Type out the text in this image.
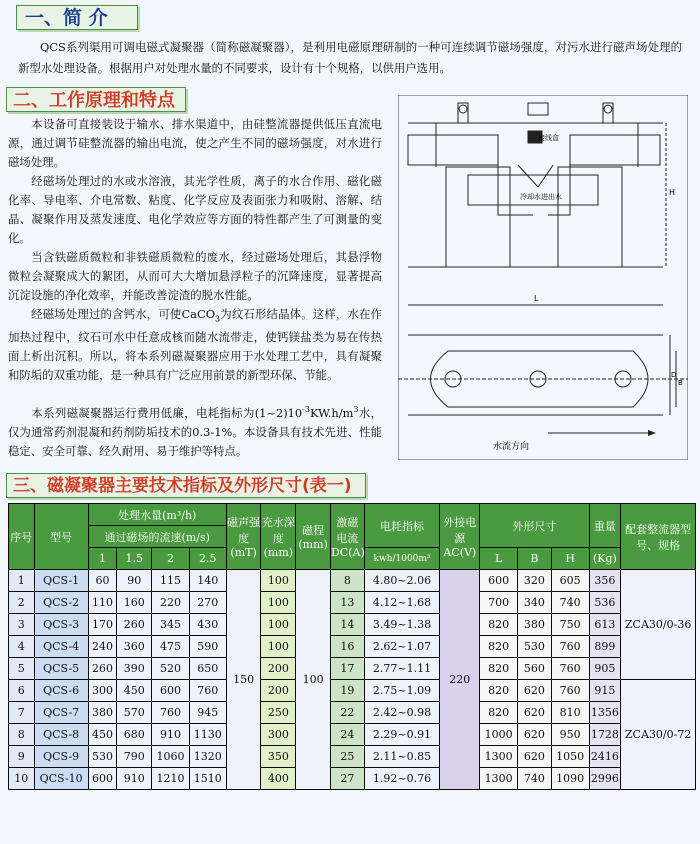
一、简 介
QCS系列渠用可调电磁式凝聚器（简称磁凝聚器），是利用电磁原理研制的一种可连续调节磁场强度，对污水进行磁声场处理的新型水处理设备。根据用户对处理水量的不同要求，设计有十个规格，以供用户选用。
二、工作原理和特点
本设备可直接装设于输水、排水渠道中，由硅整流器提供低压直流电源，通过调节硅整流器的输出电流，使之产生不同的磁场强度，对水进行磁场处理。
经磁场处理过的水或水溶液，其光学性质，离子的水合作用、磁化磁化率、导电率、介电常数、粘度、化学反应及表面张力和吸附、溶解、结晶、凝聚作用及蒸发速度、电化学效应等方面的特性都产生了可测量的变化。
当含铁磁质微粒和非铁磁质微粒的废水，经过磁场处理后，其悬浮物微粒会凝聚成大的絮团，从而可大大增加悬浮粒子的沉降速度，显著提高沉淀设施的净化效率，并能改善淀渣的脱水性能。
经磁场处理过的含钙水，可使CaCO$_3$为纹石形结晶体。这样，水在作加热过程中，纹石可水中任意成核而随水流带走，使钙镁盐类为易在传热面上析出沉积。所以，将本系列磁凝聚器应用于水处理工艺中，具有凝聚和防垢的双重功能，是一种具有广泛应用前景的新型环保、节能。
本系列磁凝聚器运行费用低廉，电耗指标为$(1\sim 2)10^{-3}KW.h/m^3$水，仅为通常药剂混凝和药剂防垢技术的0.3-1%。本设备具有技术先进、性能稳定、安全可靠、经久耐用、易于维护等特点。
接线盒
冷却水进出水	H
L
D
B
水流方向
三、磁凝聚器主要技术指标及外形尺寸(表一)
序号	型号	处理水量(m³/h)				磁声强度(mT)	充水深度(mm)	磁程(mm)	激磁电流DC(A)	电耗指标	外接电源AC(V)	外形尺寸			重量	配套整流器型号、规格
		通过磁场的流速(m/s)														
		1	1.5	2	2.5					kwh/1000m³		L	B	H	(Kg)	
1	QCS-1	60	90	115	140	150	100	100	8	4.80~2.06	220	600	320	605	356	ZCA30/0-36
2	QCS-2	110	160	220	270		100		13	4.12~1.68		700	340	740	536	
3	QCS-3	170	260	345	430		100		14	3.49~1.38		820	380	750	613	
4	QCS-4	240	360	475	590		100		16	2.62~1.07		820	530	760	899	
5	QCS-5	260	390	520	650		200		17	2.77~1.11		820	560	760	905	
6	QCS-6	300	450	600	760		200		19	2.75~1.09		820	620	760	915	ZCA30/0-72
7	QCS-7	380	570	760	945		250		22	2.42~0.98		820	620	810	1356	
8	QCS-8	450	680	910	1130		300		24	2.29~0.91		1000	620	950	1728	
9	QCS-9	530	790	1060	1320		350		25	2.11~0.85		1300	620	1050	2416	
10	QCS-10	600	910	1210	1510		400		27	1.92~0.76		1300	740	1090	2996	
